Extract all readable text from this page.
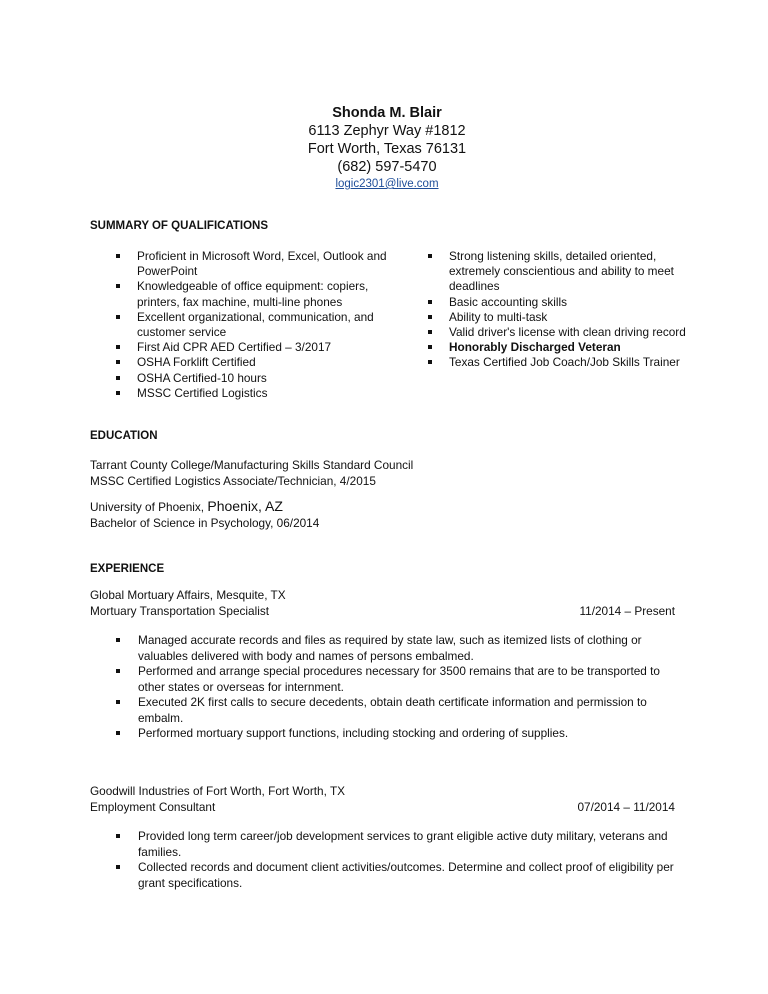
Shonda M. Blair
6113 Zephyr Way #1812
Fort Worth, Texas 76131
(682) 597-5470
logic2301@live.com
SUMMARY OF QUALIFICATIONS
Proficient in Microsoft Word, Excel, Outlook and PowerPoint
Knowledgeable of office equipment: copiers, printers, fax machine, multi-line phones
Excellent organizational, communication, and customer service
First Aid CPR AED Certified – 3/2017
OSHA Forklift Certified
OSHA Certified-10 hours
MSSC Certified Logistics
Strong listening skills, detailed oriented, extremely conscientious and ability to meet deadlines
Basic accounting skills
Ability to multi-task
Valid driver's license with clean driving record
Honorably Discharged Veteran
Texas Certified Job Coach/Job Skills Trainer
EDUCATION
Tarrant County College/Manufacturing Skills Standard Council
MSSC Certified Logistics Associate/Technician, 4/2015
University of Phoenix, Phoenix, AZ
Bachelor of Science in Psychology, 06/2014
EXPERIENCE
Global Mortuary Affairs, Mesquite, TX
Mortuary Transportation Specialist	11/2014 – Present
Managed accurate records and files as required by state law, such as itemized lists of clothing or valuables delivered with body and names of persons embalmed.
Performed and arrange special procedures necessary for 3500 remains that are to be transported to other states or overseas for internment.
Executed 2K first calls to secure decedents, obtain death certificate information and permission to embalm.
Performed mortuary support functions, including stocking and ordering of supplies.
Goodwill Industries of Fort Worth, Fort Worth, TX
Employment Consultant	07/2014 – 11/2014
Provided long term career/job development services to grant eligible active duty military, veterans and families.
Collected records and document client activities/outcomes. Determine and collect proof of eligibility per grant specifications.
